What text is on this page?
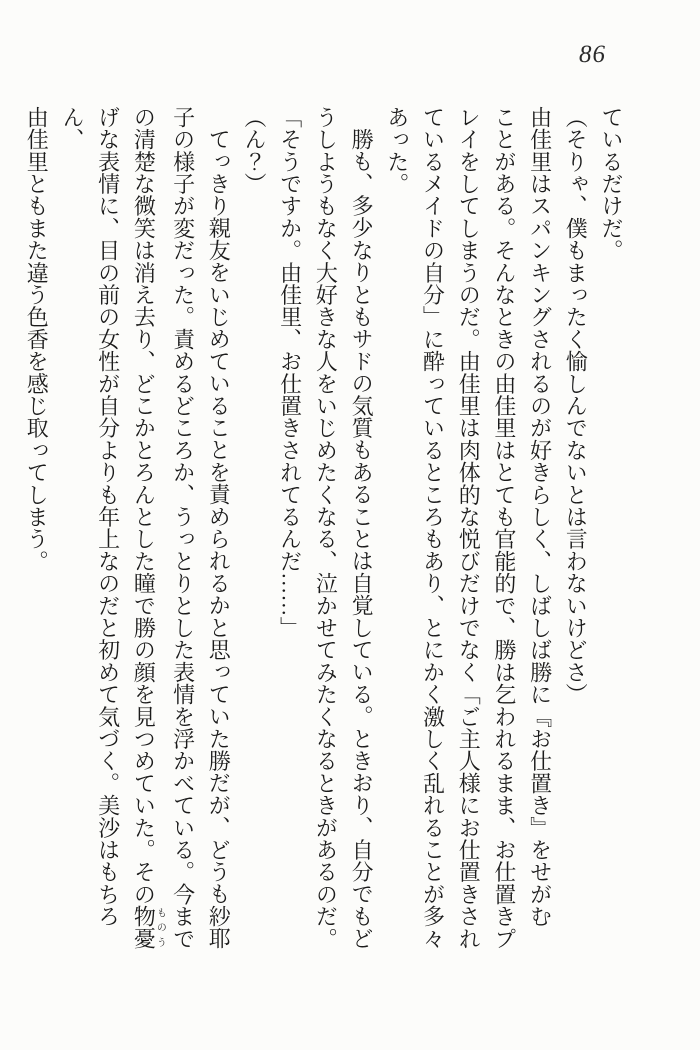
86
ているだけだ。
（そりゃ、僕もまったく愉しんでないとは言わないけどさ）
由佳里はスパンキングされるのが好きらしく、しばしば勝に『お仕置き』をせがむ
ことがある。そんなときの由佳里はとても官能的で、勝は乞われるまま、お仕置きプ
レイをしてしまうのだ。由佳里は肉体的な悦びだけでなく「ご主人様にお仕置きされ
ているメイドの自分」に酔っているところもあり、とにかく激しく乱れることが多々
あった。
勝も、多少なりともサドの気質もあることは自覚している。ときおり、自分でもど
うしようもなく大好きな人をいじめたくなる、泣かせてみたくなるときがあるのだ。
「そうですか。由佳里、お仕置きされてるんだ……」
（ん？）
てっきり親友をいじめていることを責められるかと思っていた勝だが、どうも紗耶
子の様子が変だった。責めるどころか、うっとりとした表情を浮かべている。今まで
の清楚な微笑は消え去り、どこかとろんとした瞳で勝の顔を見つめていた。その物憂ものう
げな表情に、目の前の女性が自分よりも年上なのだと初めて気づく。美沙はもちろん、
由佳里ともまた違う色香を感じ取ってしまう。
